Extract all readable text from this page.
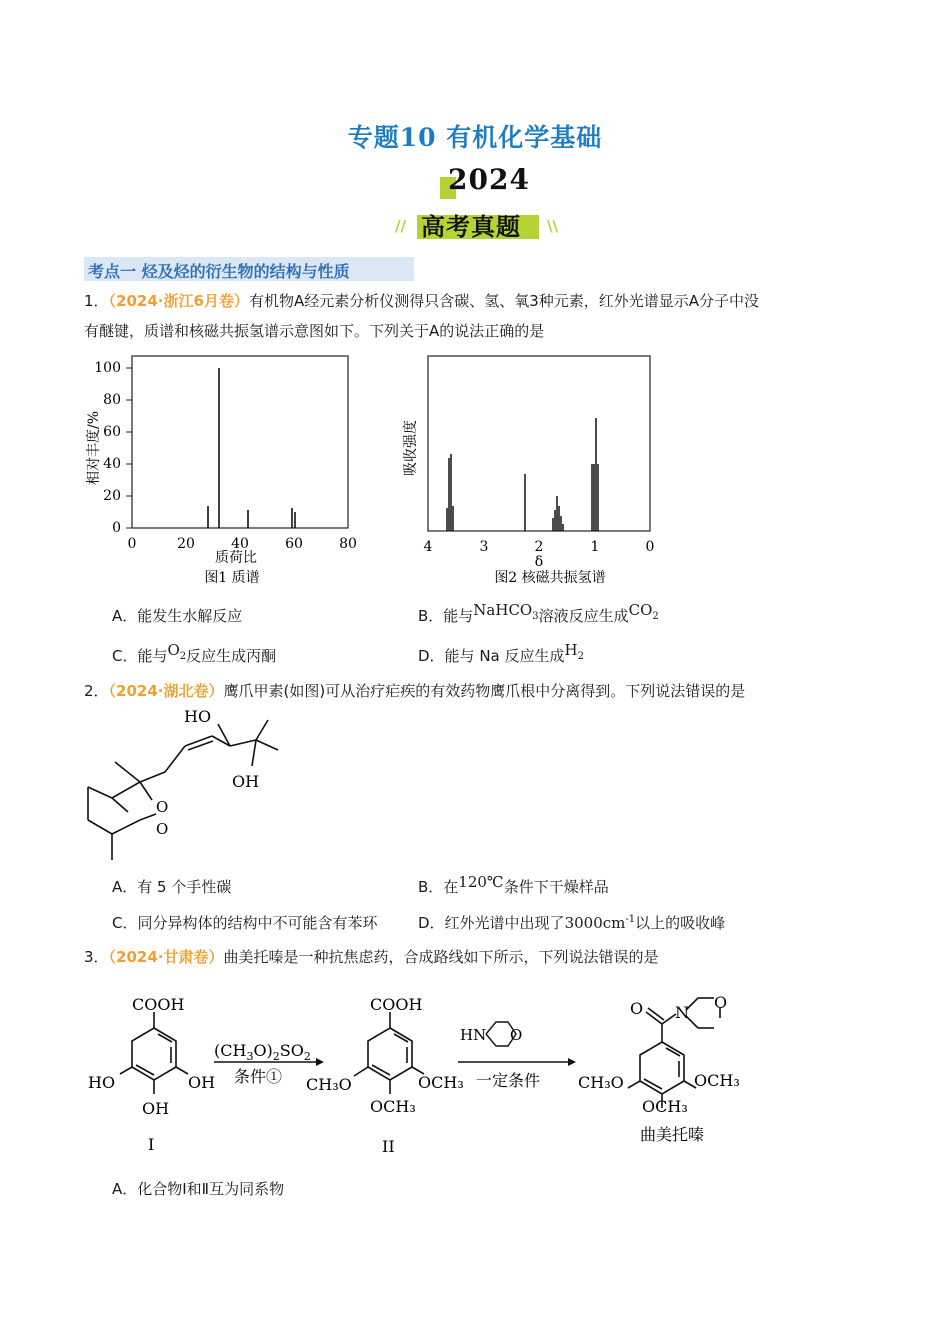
专题10 有机化学基础
2024
// 高考真题 \\
考点一 烃及烃的衍生物的结构与性质
1．（2024·浙江6月卷）有机物A经元素分析仪测得只含碳、氢、氧3种元素，红外光谱显示A分子中没
有醚键，质谱和核磁共振氢谱示意图如下。下列关于A的说法正确的是
0
20
40
60
80
100
0	20	40	60	80
相对丰度/%
质荷比
图1 质谱
4	3	2	1	0
吸收强度
δ
图2 核磁共振氢谱
A．能发生水解反应	B．能与NaHCO$_3$溶液反应生成$CO_2$
C．能与$O_2$反应生成丙酮	D．能与 Na 反应生成$H_2$
2．（2024·湖北卷）鹰爪甲素(如图)可从治疗疟疾的有效药物鹰爪根中分离得到。下列说法错误的是
HO
OH
O
O
A．有 5 个手性碳	B．在120℃条件下干燥样品
C．同分异构体的结构中不可能含有苯环	D．红外光谱中出现了$3000cm^{-1}$以上的吸收峰
3．（2024·甘肃卷）曲美托嗪是一种抗焦虑药，合成路线如下所示，下列说法错误的是
COOH
HO	OH
OH
I
$(CH_3O)_2SO_2$
条件①
COOH
CH₃O	OCH₃
OCH₃
II
HN O
一定条件
O N
O
CH₃O	OCH₃
OCH₃
曲美托嗪
A．化合物Ⅰ和Ⅱ互为同系物
